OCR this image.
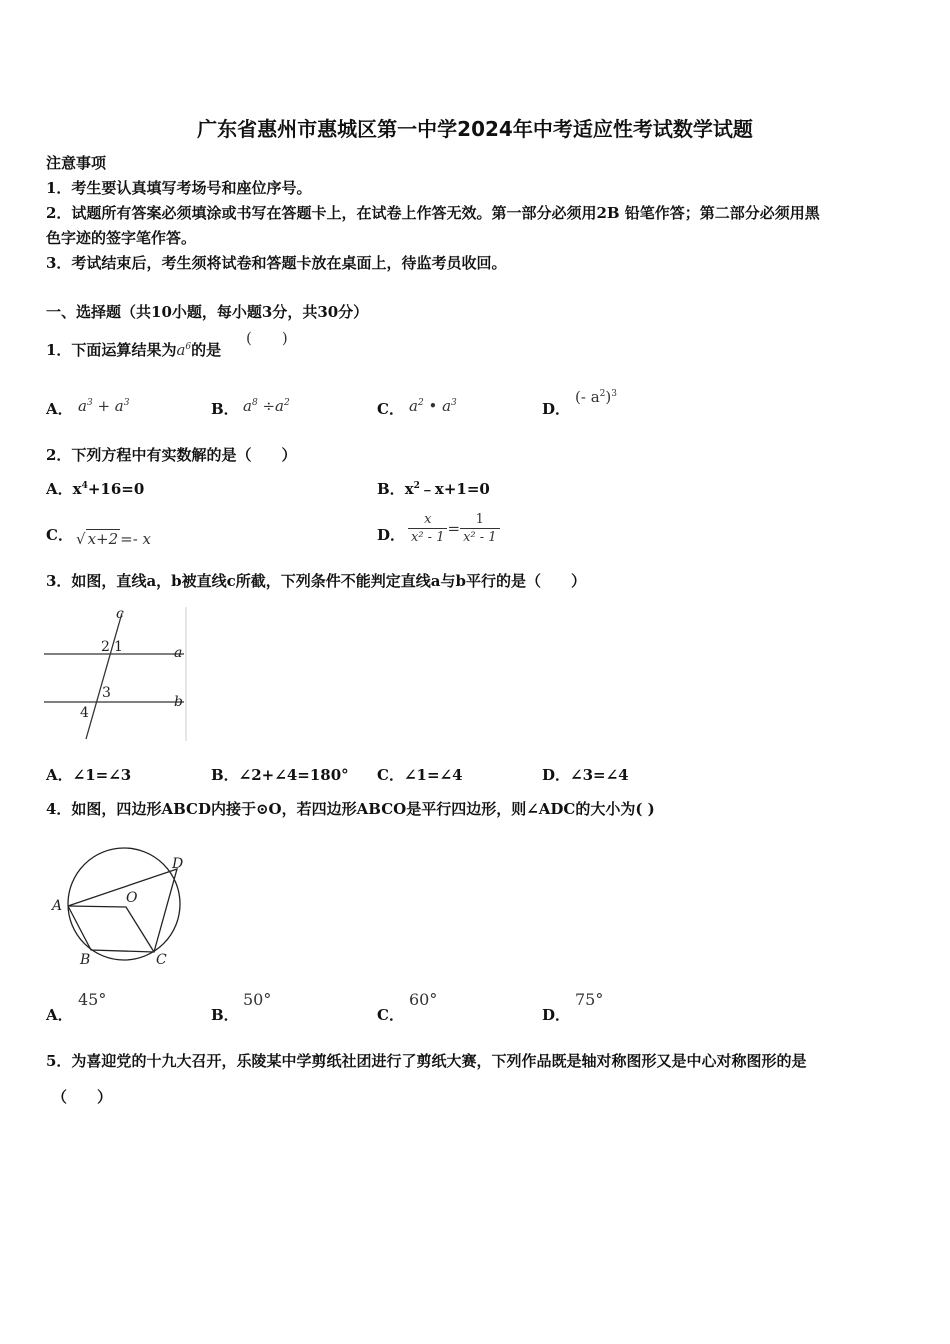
广东省惠州市惠城区第一中学2024年中考适应性考试数学试题
注意事项
1．考生要认真填写考场号和座位序号。
2．试题所有答案必须填涂或书写在答题卡上，在试卷上作答无效。第一部分必须用2B 铅笔作答；第二部分必须用黑
色字迹的签字笔作答。
3．考试结束后，考生须将试卷和答题卡放在桌面上，待监考员收回。
一、选择题（共10小题，每小题3分，共30分）
1．下面运算结果为$a^6$的是
(　　)
A． $a^3 + a^3$	B． $a^8 \div a^2$	C． $a^2$ • $a^3$	D．
(- $a^2)^3$
2．下列方程中有实数解的是（　　）
A．$x^4+16=0$	B．$x^2﹣x+1=0$
C． √ x+2 =- x	D． $\frac{x}{\text{x² - 1}} = \frac{1}{\text{x² - 1}}$
3．如图，直线a，b被直线c所截，下列条件不能判定直线a与b平行的是（　　）
c
a
b
2 1
3
4
A．∠1=∠3	B．∠2+∠4=180° C．∠1=∠4	D．∠3=∠4
4．如图，四边形ABCD内接于⊙O，若四边形ABCO是平行四边形，则∠ADC的大小为( )
A
B	C
D
O
A．
45°
B．
50°
C．
60°
D．
75°
5．为喜迎党的十九大召开，乐陵某中学剪纸社团进行了剪纸大赛，下列作品既是轴对称图形又是中心对称图形的是
（　　）
